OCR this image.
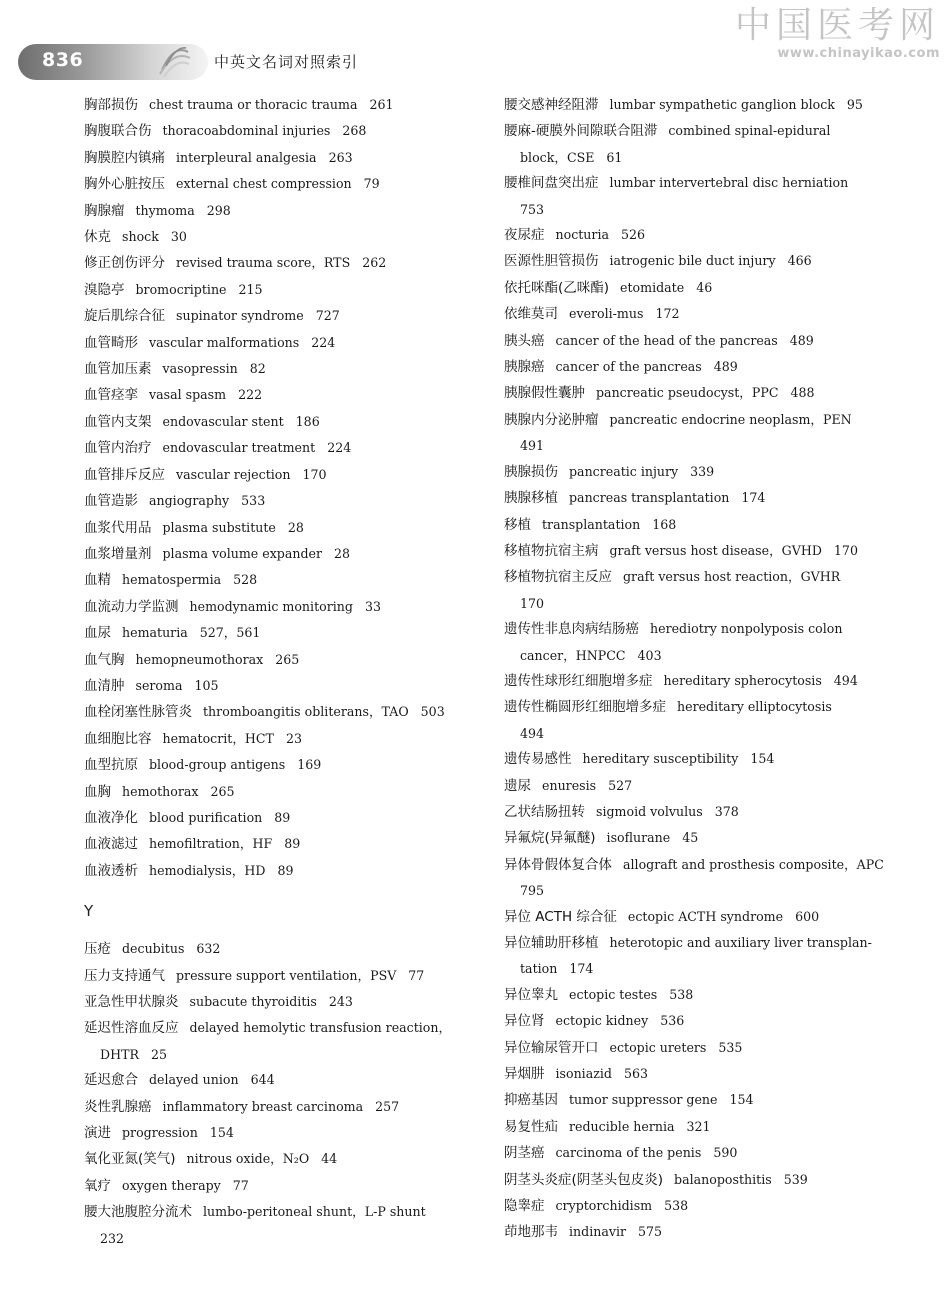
836	中英文名词对照索引
中国医考网
www.chinayikao.com
胸部损伤 chest trauma or thoracic trauma 261
胸腹联合伤 thoracoabdominal injuries 268
胸膜腔内镇痛 interpleural analgesia 263
胸外心脏按压 external chest compression 79
胸腺瘤 thymoma 298
休克 shock 30
修正创伤评分 revised trauma score，RTS 262
溴隐亭 bromocriptine 215
旋后肌综合征 supinator syndrome 727
血管畸形 vascular malformations 224
血管加压素 vasopressin 82
血管痉挛 vasal spasm 222
血管内支架 endovascular stent 186
血管内治疗 endovascular treatment 224
血管排斥反应 vascular rejection 170
血管造影 angiography 533
血浆代用品 plasma substitute 28
血浆增量剂 plasma volume expander 28
血精 hematospermia 528
血流动力学监测 hemodynamic monitoring 33
血尿 hematuria 527，561
血气胸 hemopneumothorax 265
血清肿 seroma 105
血栓闭塞性脉管炎 thromboangitis obliterans，TAO 503
血细胞比容 hematocrit，HCT 23
血型抗原 blood-group antigens 169
血胸 hemothorax 265
血液净化 blood purification 89
血液滤过 hemofiltration，HF 89
血液透析 hemodialysis，HD 89
Y
压疮 decubitus 632
压力支持通气 pressure support ventilation，PSV 77
亚急性甲状腺炎 subacute thyroiditis 243
延迟性溶血反应 delayed hemolytic transfusion reaction，
DHTR 25
延迟愈合 delayed union 644
炎性乳腺癌 inflammatory breast carcinoma 257
演进 progression 154
氧化亚氮(笑气) nitrous oxide，N₂O 44
氧疗 oxygen therapy 77
腰大池腹腔分流术 lumbo-peritoneal shunt，L-P shunt
232
腰交感神经阻滞 lumbar sympathetic ganglion block 95
腰麻-硬膜外间隙联合阻滞 combined spinal-epidural
block，CSE 61
腰椎间盘突出症 lumbar intervertebral disc herniation
753
夜尿症 nocturia 526
医源性胆管损伤 iatrogenic bile duct injury 466
依托咪酯(乙咪酯) etomidate 46
依维莫司 everoli-mus 172
胰头癌 cancer of the head of the pancreas 489
胰腺癌 cancer of the pancreas 489
胰腺假性囊肿 pancreatic pseudocyst，PPC 488
胰腺内分泌肿瘤 pancreatic endocrine neoplasm，PEN
491
胰腺损伤 pancreatic injury 339
胰腺移植 pancreas transplantation 174
移植 transplantation 168
移植物抗宿主病 graft versus host disease，GVHD 170
移植物抗宿主反应 graft versus host reaction，GVHR
170
遗传性非息肉病结肠癌 herediotry nonpolyposis colon
cancer，HNPCC 403
遗传性球形红细胞增多症 hereditary spherocytosis 494
遗传性椭圆形红细胞增多症 hereditary elliptocytosis
494
遗传易感性 hereditary susceptibility 154
遗尿 enuresis 527
乙状结肠扭转 sigmoid volvulus 378
异氟烷(异氟醚) isoflurane 45
异体骨假体复合体 allograft and prosthesis composite，APC
795
异位 ACTH 综合征 ectopic ACTH syndrome 600
异位辅助肝移植 heterotopic and auxiliary liver transplan-
tation 174
异位睾丸 ectopic testes 538
异位肾 ectopic kidney 536
异位输尿管开口 ectopic ureters 535
异烟肼 isoniazid 563
抑癌基因 tumor suppressor gene 154
易复性疝 reducible hernia 321
阴茎癌 carcinoma of the penis 590
阴茎头炎症(阴茎头包皮炎) balanoposthitis 539
隐睾症 cryptorchidism 538
茚地那韦 indinavir 575
